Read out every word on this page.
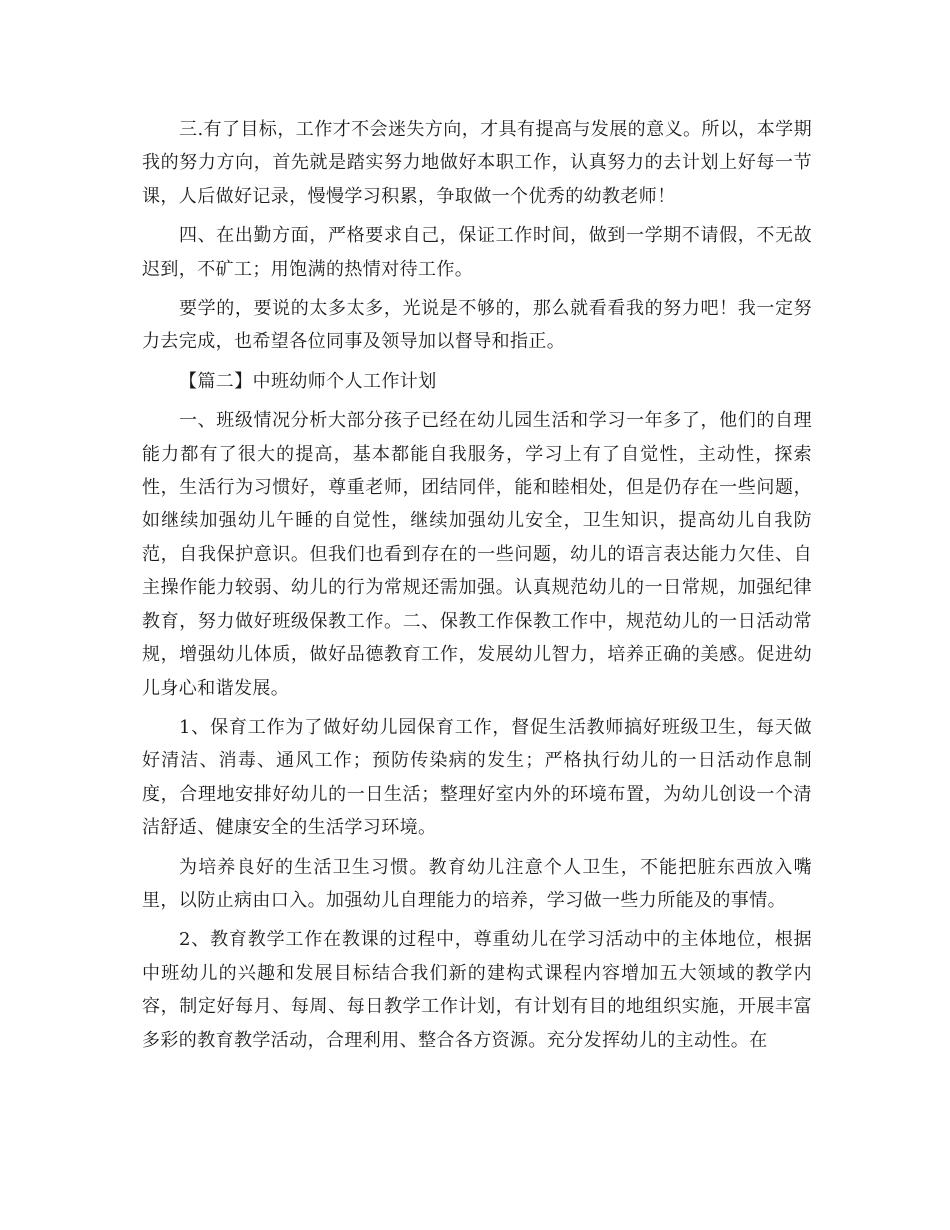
三.有了目标，工作才不会迷失方向，才具有提高与发展的意义。所以，本学期我的努力方向，首先就是踏实努力地做好本职工作，认真努力的去计划上好每一节课，人后做好记录，慢慢学习积累，争取做一个优秀的幼教老师！

四、在出勤方面，严格要求自己，保证工作时间，做到一学期不请假，不无故迟到，不矿工；用饱满的热情对待工作。

要学的，要说的太多太多，光说是不够的，那么就看看我的努力吧！我一定努力去完成，也希望各位同事及领导加以督导和指正。

【篇二】中班幼师个人工作计划

一、班级情况分析大部分孩子已经在幼儿园生活和学习一年多了，他们的自理能力都有了很大的提高，基本都能自我服务，学习上有了自觉性，主动性，探索性，生活行为习惯好，尊重老师，团结同伴，能和睦相处，但是仍存在一些问题，如继续加强幼儿午睡的自觉性，继续加强幼儿安全，卫生知识，提高幼儿自我防范，自我保护意识。但我们也看到存在的一些问题，幼儿的语言表达能力欠佳、自主操作能力较弱、幼儿的行为常规还需加强。认真规范幼儿的一日常规，加强纪律教育，努力做好班级保教工作。二、保教工作保教工作中，规范幼儿的一日活动常规，增强幼儿体质，做好品德教育工作，发展幼儿智力，培养正确的美感。促进幼儿身心和谐发展。

1、保育工作为了做好幼儿园保育工作，督促生活教师搞好班级卫生，每天做好清洁、消毒、通风工作；预防传染病的发生；严格执行幼儿的一日活动作息制度，合理地安排好幼儿的一日生活；整理好室内外的环境布置，为幼儿创设一个清洁舒适、健康安全的生活学习环境。

为培养良好的生活卫生习惯。教育幼儿注意个人卫生，不能把脏东西放入嘴里，以防止病由口入。加强幼儿自理能力的培养，学习做一些力所能及的事情。

2、教育教学工作在教课的过程中，尊重幼儿在学习活动中的主体地位，根据中班幼儿的兴趣和发展目标结合我们新的建构式课程内容增加五大领域的教学内容，制定好每月、每周、每日教学工作计划，有计划有目的地组织实施，开展丰富多彩的教育教学活动，合理利用、整合各方资源。充分发挥幼儿的主动性。在
